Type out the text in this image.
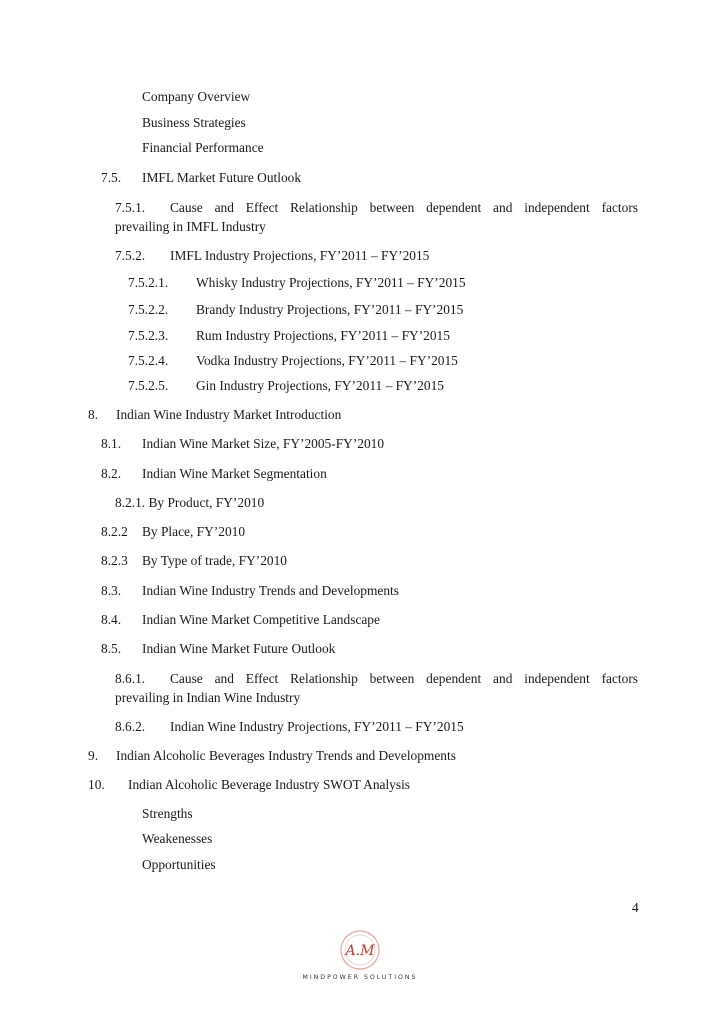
Company Overview
Business Strategies
Financial Performance
7.5. IMFL Market Future Outlook
7.5.1. Cause and Effect Relationship between dependent and independent factors
prevailing in IMFL Industry
7.5.2. IMFL Industry Projections, FY’2011 – FY’2015
7.5.2.1. Whisky Industry Projections, FY’2011 – FY’2015
7.5.2.2. Brandy Industry Projections, FY’2011 – FY’2015
7.5.2.3. Rum Industry Projections, FY’2011 – FY’2015
7.5.2.4. Vodka Industry Projections, FY’2011 – FY’2015
7.5.2.5. Gin Industry Projections, FY’2011 – FY’2015
8. Indian Wine Industry Market Introduction
8.1. Indian Wine Market Size, FY’2005-FY’2010
8.2. Indian Wine Market Segmentation
8.2.1. By Product, FY’2010
8.2.2 By Place, FY’2010
8.2.3 By Type of trade, FY’2010
8.3. Indian Wine Industry Trends and Developments
8.4. Indian Wine Market Competitive Landscape
8.5. Indian Wine Market Future Outlook
8.6.1. Cause and Effect Relationship between dependent and independent factors
prevailing in Indian Wine Industry
8.6.2. Indian Wine Industry Projections, FY’2011 – FY’2015
9. Indian Alcoholic Beverages Industry Trends and Developments
10. Indian Alcoholic Beverage Industry SWOT Analysis
Strengths
Weakenesses
Opportunities
4
A.M
MINDPOWER SOLUTIONS
